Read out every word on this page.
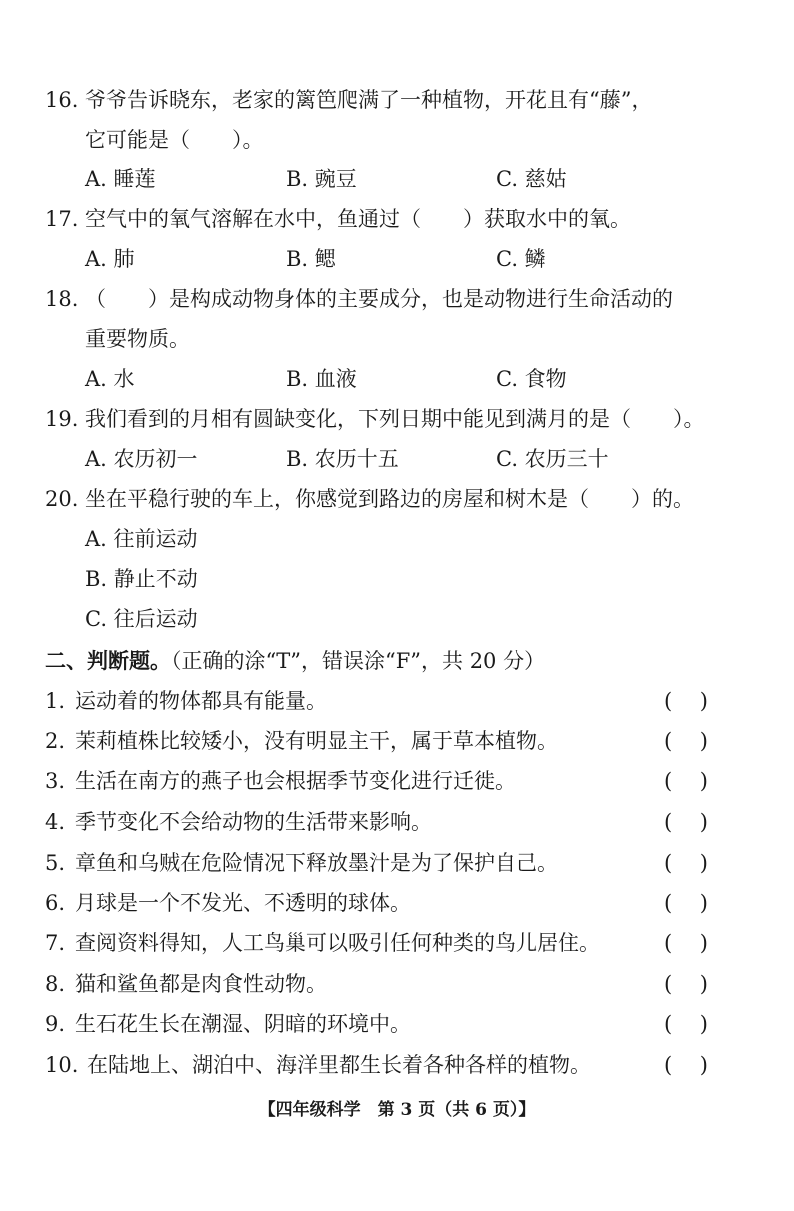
16. 爷爷告诉晓东，老家的篱笆爬满了一种植物，开花且有“藤”，
它可能是（　　）。
A. 睡莲	B. 豌豆	C. 慈姑
17. 空气中的氧气溶解在水中，鱼通过（　　）获取水中的氧。
A. 肺	B. 鳃	C. 鳞
18. （　　）是构成动物身体的主要成分，也是动物进行生命活动的
重要物质。
A. 水	B. 血液	C. 食物
19. 我们看到的月相有圆缺变化，下列日期中能见到满月的是（　　）。
A. 农历初一	B. 农历十五	C. 农历三十
20. 坐在平稳行驶的车上，你感觉到路边的房屋和树木是（　　）的。
A. 往前运动
B. 静止不动
C. 往后运动
二、判断题。（正确的涂“T”，错误涂“F”，共 20 分）
1. 运动着的物体都具有能量。	(　 )
2. 茉莉植株比较矮小，没有明显主干，属于草本植物。	(　 )
3. 生活在南方的燕子也会根据季节变化进行迁徙。	(　 )
4. 季节变化不会给动物的生活带来影响。	(　 )
5. 章鱼和乌贼在危险情况下释放墨汁是为了保护自己。	(　 )
6. 月球是一个不发光、不透明的球体。	(　 )
7. 查阅资料得知，人工鸟巢可以吸引任何种类的鸟儿居住。	(　 )
8. 猫和鲨鱼都是肉食性动物。	(　 )
9. 生石花生长在潮湿、阴暗的环境中。	(　 )
10. 在陆地上、湖泊中、海洋里都生长着各种各样的植物。	(　 )
【四年级科学　第 3 页（共 6 页）】
